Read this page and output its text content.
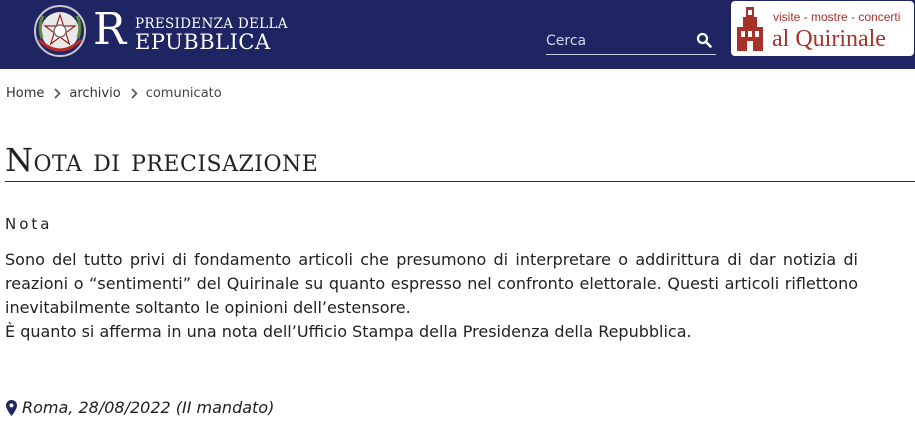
R PRESIDENZA DELLA
EPUBBLICA
Cerca
visite - mostre - concerti
al Quirinale
Home archivio comunicato
Nota di precisazione
Nota

Sono del tutto privi di fondamento articoli che presumono di interpretare o addirittura di dar notizia di reazioni o “sentimenti” del Quirinale su quanto espresso nel confronto elettorale. Questi articoli riflettono inevitabilmente soltanto le opinioni dell’estensore.

È quanto si afferma in una nota dell’Ufficio Stampa della Presidenza della Repubblica.

Roma, 28/08/2022 (II mandato)
